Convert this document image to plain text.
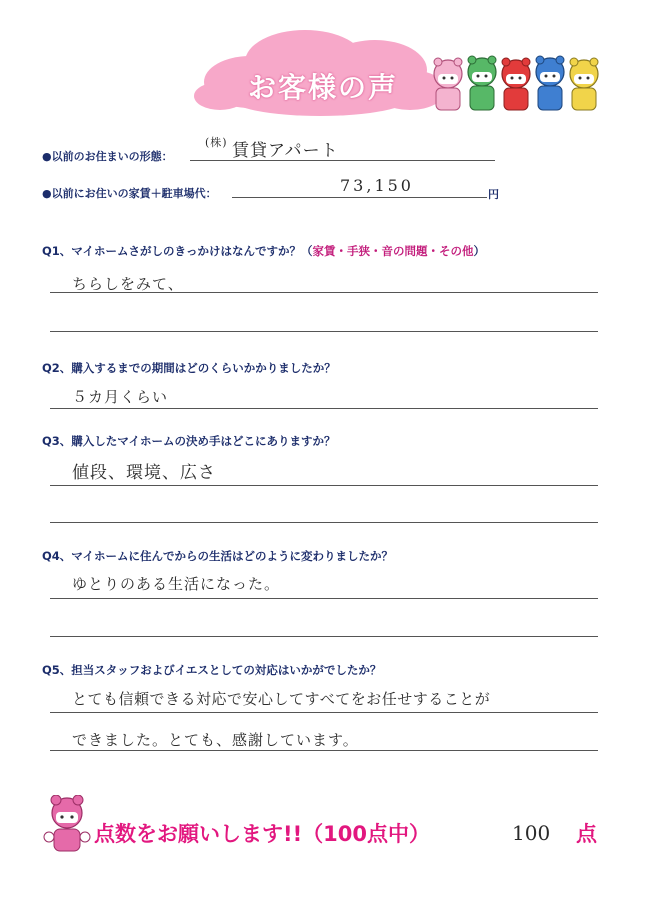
お客様の声
●以前のお住まいの形態：
(株) 賃貸アパート
●以前にお住いの家賃＋駐車場代：	73,150	円
Q1、マイホームさがしのきっかけはなんですか？（家賃・手狭・音の問題・その他）
ちらしをみて、
Q2、購入するまでの期間はどのくらいかかりましたか？
５カ月くらい
Q3、購入したマイホームの決め手はどこにありますか？
値段、環境、広さ
Q4、マイホームに住んでからの生活はどのように変わりましたか？
ゆとりのある生活になった。
Q5、担当スタッフおよびイエスとしての対応はいかがでしたか？
とても信頼できる対応で安心してすべてをお任せすることが
できました。とても、感謝しています。
点数をお願いします!!（100点中）	100 点
